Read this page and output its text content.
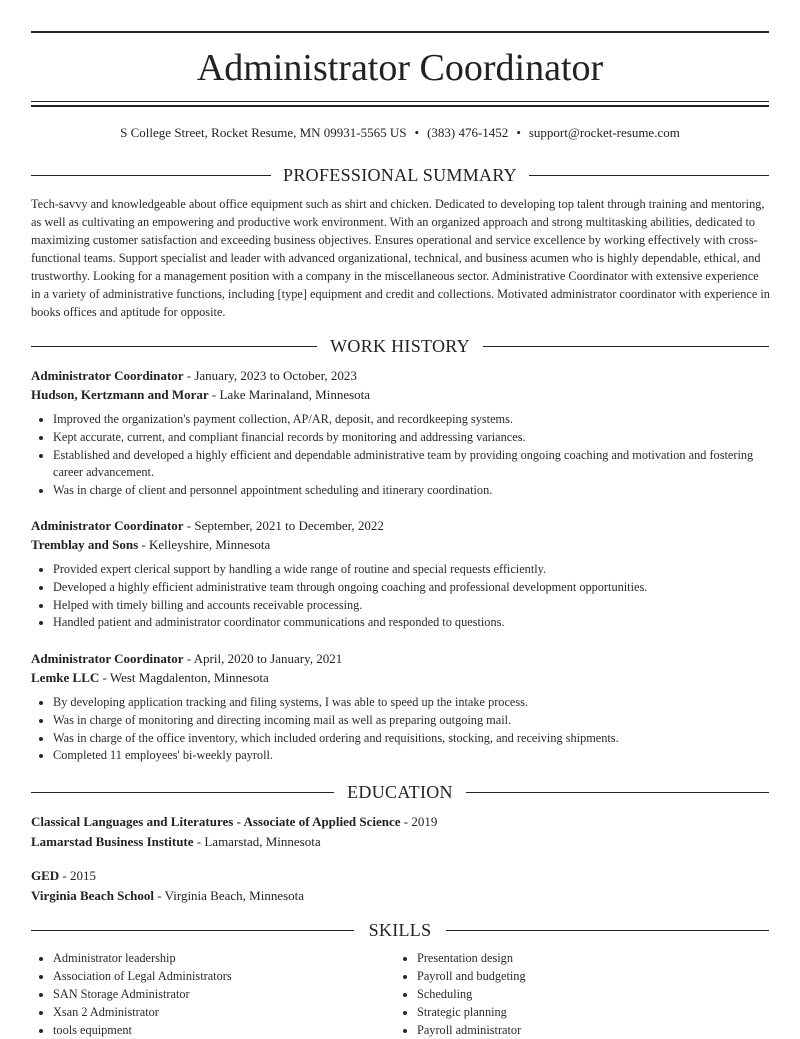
Administrator Coordinator
S College Street, Rocket Resume, MN 09931-5565 US • (383) 476-1452 • support@rocket-resume.com
PROFESSIONAL SUMMARY

Tech-savvy and knowledgeable about office equipment such as shirt and chicken. Dedicated to developing top talent through training and mentoring, as well as cultivating an empowering and productive work environment. With an organized approach and strong multitasking abilities, dedicated to maximizing customer satisfaction and exceeding business objectives. Ensures operational and service excellence by working effectively with cross-functional teams. Support specialist and leader with advanced organizational, technical, and business acumen who is highly dependable, ethical, and trustworthy. Looking for a management position with a company in the miscellaneous sector. Administrative Coordinator with extensive experience in a variety of administrative functions, including [type] equipment and credit and collections. Motivated administrator coordinator with experience in books offices and aptitude for opposite.

WORK HISTORY
Administrator Coordinator - January, 2023 to October, 2023
Hudson, Kertzmann and Morar - Lake Marinaland, Minnesota
• Improved the organization's payment collection, AP/AR, deposit, and recordkeeping systems.
• Kept accurate, current, and compliant financial records by monitoring and addressing variances.
• Established and developed a highly efficient and dependable administrative team by providing ongoing coaching and motivation and fostering career advancement.
• Was in charge of client and personnel appointment scheduling and itinerary coordination.
Administrator Coordinator - September, 2021 to December, 2022
Tremblay and Sons - Kelleyshire, Minnesota
• Provided expert clerical support by handling a wide range of routine and special requests efficiently.
• Developed a highly efficient administrative team through ongoing coaching and professional development opportunities.
• Helped with timely billing and accounts receivable processing.
• Handled patient and administrator coordinator communications and responded to questions.
Administrator Coordinator - April, 2020 to January, 2021
Lemke LLC - West Magdalenton, Minnesota
• By developing application tracking and filing systems, I was able to speed up the intake process.
• Was in charge of monitoring and directing incoming mail as well as preparing outgoing mail.
• Was in charge of the office inventory, which included ordering and requisitions, stocking, and receiving shipments.
• Completed 11 employees' bi-weekly payroll.
EDUCATION
Classical Languages and Literatures - Associate of Applied Science - 2019
Lamarstad Business Institute - Lamarstad, Minnesota
GED - 2015
Virginia Beach School - Virginia Beach, Minnesota
SKILLS
• Administrator leadership
• Association of Legal Administrators
• SAN Storage Administrator
• Xsan 2 Administrator
• tools equipment
• Presentation design
• Payroll and budgeting
• Scheduling
• Strategic planning
• Payroll administrator
